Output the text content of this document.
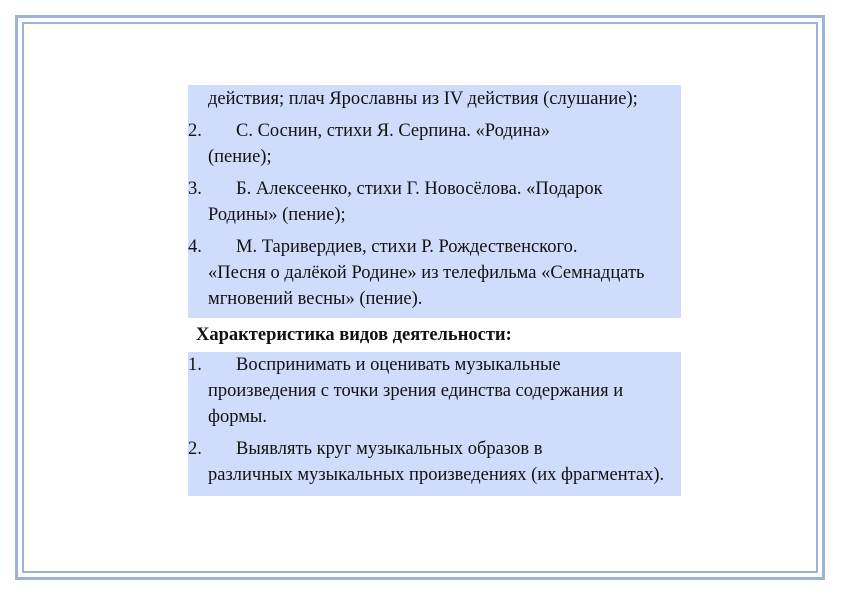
действия; плач Ярославны из IV действия (слушание);
2.	С. Соснин, стихи Я. Серпина. «Родина»
(пение);
3.	Б. Алексеенко, стихи Г. Новосёлова. «Подарок
Родины» (пение);
4.	М. Таривердиев, стихи Р. Рождественского.
«Песня о далёкой Родине» из телефильма «Семнадцать мгновений весны» (пение).
Характеристика видов деятельности:
1.	Воспринимать и оценивать музыкальные
произведения с точки зрения единства содержания и формы.
2.	Выявлять круг музыкальных образов в
различных музыкальных произведениях (их фрагментах).
